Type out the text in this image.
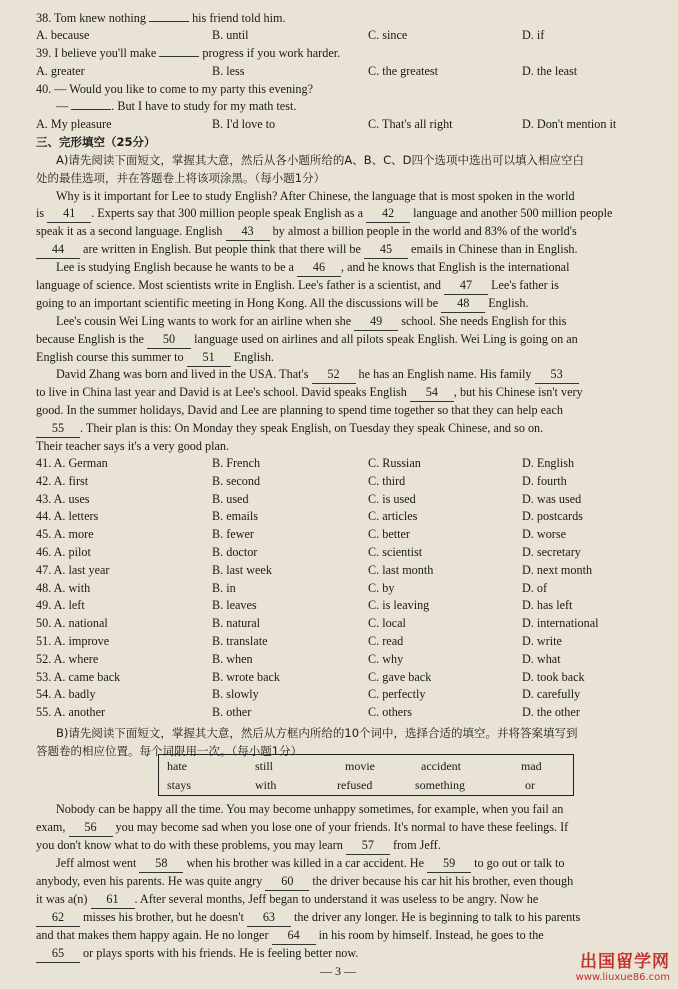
38. Tom knew nothing	his friend told him.
A. because	B. until	C. since	D. if
39. I believe you'll make	progress if you work harder.
A. greater	B. less	C. the greatest	D. the least
40. — Would you like to come to my party this evening?
—	. But I have to study for my math test.
A. My pleasure	B. I'd love to	C. That's all right	D. Don't mention it
三、完形填空（25分）
A)请先阅读下面短文，掌握其大意，然后从各小题所给的A、B、C、D四个选项中选出可以填入相应空白
处的最佳选项，并在答题卷上将该项涂黑。（每小题1分）
Why is it important for Lee to study English? After Chinese, the language that is most spoken in the world
is 41 . Experts say that 300 million people speak English as a 42 language and another 500 million people
speak it as a second language. English 43 by almost a billion people in the world and 83% of the world's
44 are written in English. But people think that there will be 45 emails in Chinese than in English.
Lee is studying English because he wants to be a 46 , and he knows that English is the international
language of science. Most scientists write in English. Lee's father is a scientist, and 47 Lee's father is
going to an important scientific meeting in Hong Kong. All the discussions will be 48 English.
Lee's cousin Wei Ling wants to work for an airline when she 49 school. She needs English for this
because English is the 50 language used on airlines and all pilots speak English. Wei Ling is going on an
English course this summer to 51 English.
David Zhang was born and lived in the USA. That's 52 he has an English name. His family 53
to live in China last year and David is at Lee's school. David speaks English 54 , but his Chinese isn't very
good. In the summer holidays, David and Lee are planning to spend time together so that they can help each
55 . Their plan is this: On Monday they speak English, on Tuesday they speak Chinese, and so on.
Their teacher says it's a very good plan.
41. A. German	B. French	C. Russian	D. English
42. A. first	B. second	C. third	D. fourth
43. A. uses	B. used	C. is used	D. was used
44. A. letters	B. emails	C. articles	D. postcards
45. A. more	B. fewer	C. better	D. worse
46. A. pilot	B. doctor	C. scientist	D. secretary
47. A. last year	B. last week	C. last month	D. next month
48. A. with	B. in	C. by	D. of
49. A. left	B. leaves	C. is leaving	D. has left
50. A. national	B. natural	C. local	D. international
51. A. improve	B. translate	C. read	D. write
52. A. where	B. when	C. why	D. what
53. A. came back	B. wrote back	C. gave back	D. took back
54. A. badly	B. slowly	C. perfectly	D. carefully
55. A. another	B. other	C. others	D. the other
B)请先阅读下面短文，掌握其大意，然后从方框内所给的10个词中，选择合适的填空。并将答案填写到
答题卷的相应位置。每个词限用一次。（每小题1分）
hate	still	movie	accident	mad
stays	with	refused	something	or
Nobody can be happy all the time. You may become unhappy sometimes, for example, when you fail an
exam, 56 you may become sad when you lose one of your friends. It's normal to have these feelings. If
you don't know what to do with these problems, you may learn 57 from Jeff.
Jeff almost went 58 when his brother was killed in a car accident. He 59 to go out or talk to
anybody, even his parents. He was quite angry 60 the driver because his car hit his brother, even though
it was a(n) 61 . After several months, Jeff began to understand it was useless to be angry. Now he
62 misses his brother, but he doesn't 63 the driver any longer. He is beginning to talk to his parents
and that makes them happy again. He no longer 64 in his room by himself. Instead, he goes to the
65 or plays sports with his friends. He is feeling better now.
— 3 —	出国留学网
www.liuxue86.com
